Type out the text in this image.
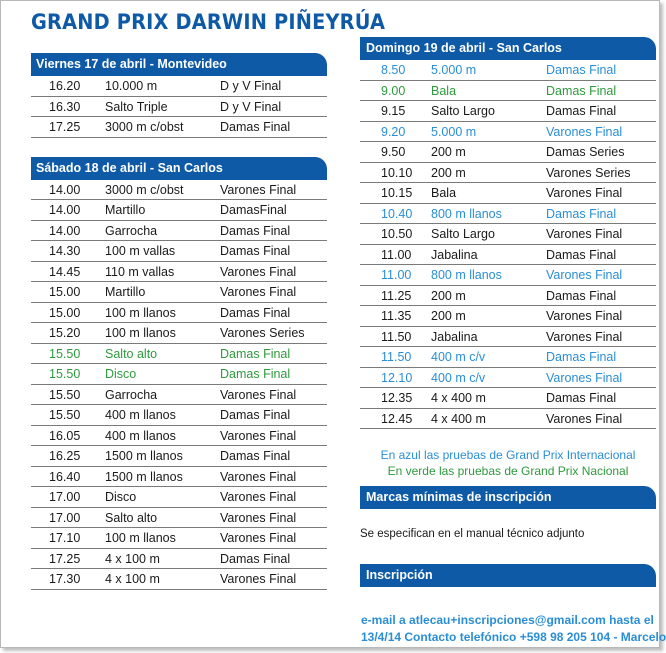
GRAND PRIX DARWIN PIÑEYRÚA
Viernes 17 de abril - Montevideo
16.20 10.000 m	D y V Final
16.30 Salto Triple	D y V Final
17.25 3000 m c/obst	Damas Final
Sábado 18 de abril - San Carlos
14.00 3000 m c/obst	Varones Final
14.00 Martillo	DamasFinal
14.00 Garrocha	Damas Final
14.30 100 m vallas	Damas Final
14.45 110 m vallas	Varones Final
15.00 Martillo	Varones Final
15.00 100 m llanos	Damas Final
15.20 100 m llanos	Varones Series
15.50 Salto alto	Damas Final
15.50 Disco	Damas Final
15.50 Garrocha	Varones Final
15.50 400 m llanos	Damas Final
16.05 400 m llanos	Varones Final
16.25 1500 m llanos	Damas Final
16.40 1500 m llanos	Varones Final
17.00 Disco	Varones Final
17.00 Salto alto	Varones Final
17.10 100 m llanos	Varones Final
17.25 4 x 100 m	Damas Final
17.30 4 x 100 m	Varones Final
Domingo 19 de abril - San Carlos
8.50 5.000 m	Damas Final
9.00 Bala	Damas Final
9.15 Salto Largo	Damas Final
9.20 5.000 m	Varones Final
9.50 200 m	Damas Series
10.10 200 m	Varones Series
10.15 Bala	Varones Final
10.40 800 m llanos	Damas Final
10.50 Salto Largo	Varones Final
11.00 Jabalina	Damas Final
11.00 800 m llanos	Varones Final
11.25 200 m	Damas Final
11.35 200 m	Varones Final
11.50 Jabalina	Varones Final
11.50 400 m c/v	Damas Final
12.10 400 m c/v	Varones Final
12.35 4 x 400 m	Damas Final
12.45 4 x 400 m	Varones Final
En azul las pruebas de Grand Prix Internacional
En verde las pruebas de Grand Prix Nacional
Marcas mínimas de inscripción
Se especifican en el manual técnico adjunto
Inscripción
e-mail a atlecau+inscripciones@gmail.com hasta el
13/4/14 Contacto telefónico +598 98 205 104 - Marcelo
